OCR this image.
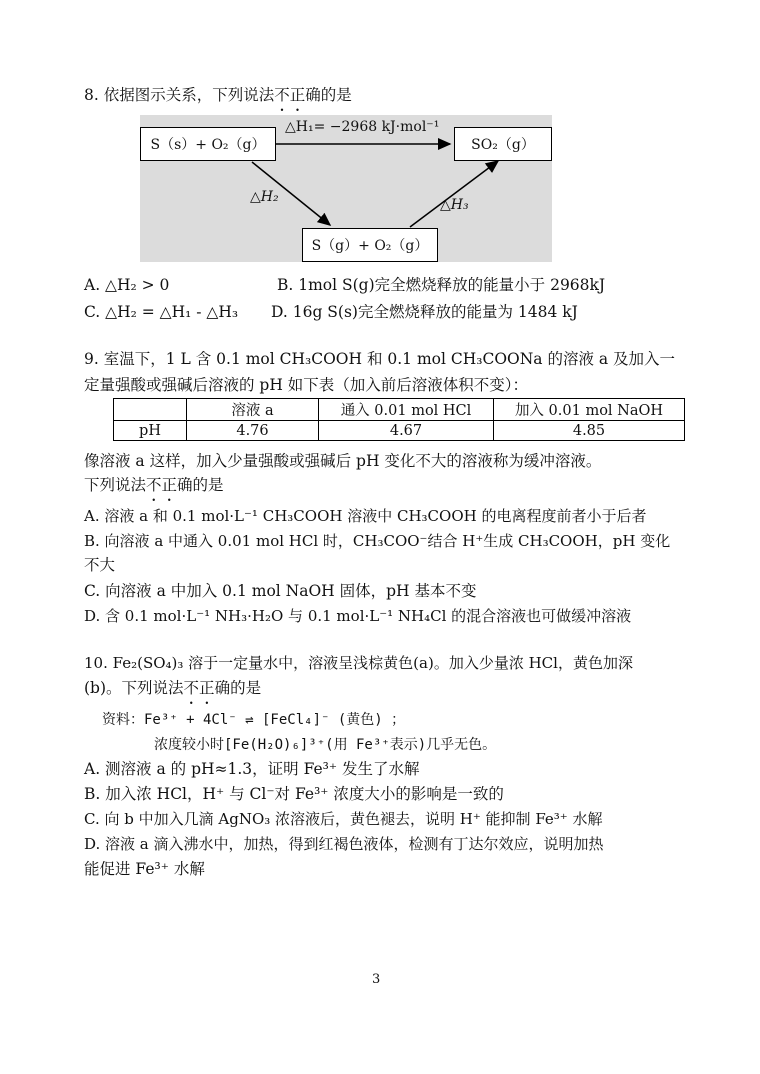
8. 依据图示关系，下列说法不正确的是
S（s）+ O₂（g）	SO₂（g）
S（g）+ O₂（g）
△H₁= −2968 kJ·mol⁻¹
△H₂	△H₃
A. △H₂ > 0	B. 1mol S(g)完全燃烧释放的能量小于 2968kJ
C. △H₂ = △H₁ - △H₃ D. 16g S(s)完全燃烧释放的能量为 1484 kJ
9. 室温下，1 L 含 0.1 mol CH₃COOH 和 0.1 mol CH₃COONa 的溶液 a 及加入一
定量强酸或强碱后溶液的 pH 如下表（加入前后溶液体积不变）：
	溶液 a	通入 0.01 mol HCl	加入 0.01 mol NaOH
pH	4.76	4.67	4.85
像溶液 a 这样，加入少量强酸或强碱后 pH 变化不大的溶液称为缓冲溶液。
下列说法不正确的是
A. 溶液 a 和 0.1 mol·L⁻¹ CH₃COOH 溶液中 CH₃COOH 的电离程度前者小于后者
B. 向溶液 a 中通入 0.01 mol HCl 时，CH₃COO⁻结合 H⁺生成 CH₃COOH，pH 变化
不大
C. 向溶液 a 中加入 0.1 mol NaOH 固体，pH 基本不变
D. 含 0.1 mol·L⁻¹ NH₃·H₂O 与 0.1 mol·L⁻¹ NH₄Cl 的混合溶液也可做缓冲溶液
10. Fe₂(SO₄)₃ 溶于一定量水中，溶液呈浅棕黄色(a)。加入少量浓 HCl，黄色加深
(b)。下列说法不正确的是
资料：Fe³⁺ + 4Cl⁻ ⇌ [FeCl₄]⁻ (黄色) ；
浓度较小时[Fe(H₂O)₆]³⁺(用 Fe³⁺表示)几乎无色。
A. 测溶液 a 的 pH≈1.3，证明 Fe³⁺ 发生了水解
B. 加入浓 HCl，H⁺ 与 Cl⁻对 Fe³⁺ 浓度大小的影响是一致的
C. 向 b 中加入几滴 AgNO₃ 浓溶液后，黄色褪去，说明 H⁺ 能抑制 Fe³⁺ 水解
D. 溶液 a 滴入沸水中，加热，得到红褐色液体，检测有丁达尔效应，说明加热
能促进 Fe³⁺ 水解
3
